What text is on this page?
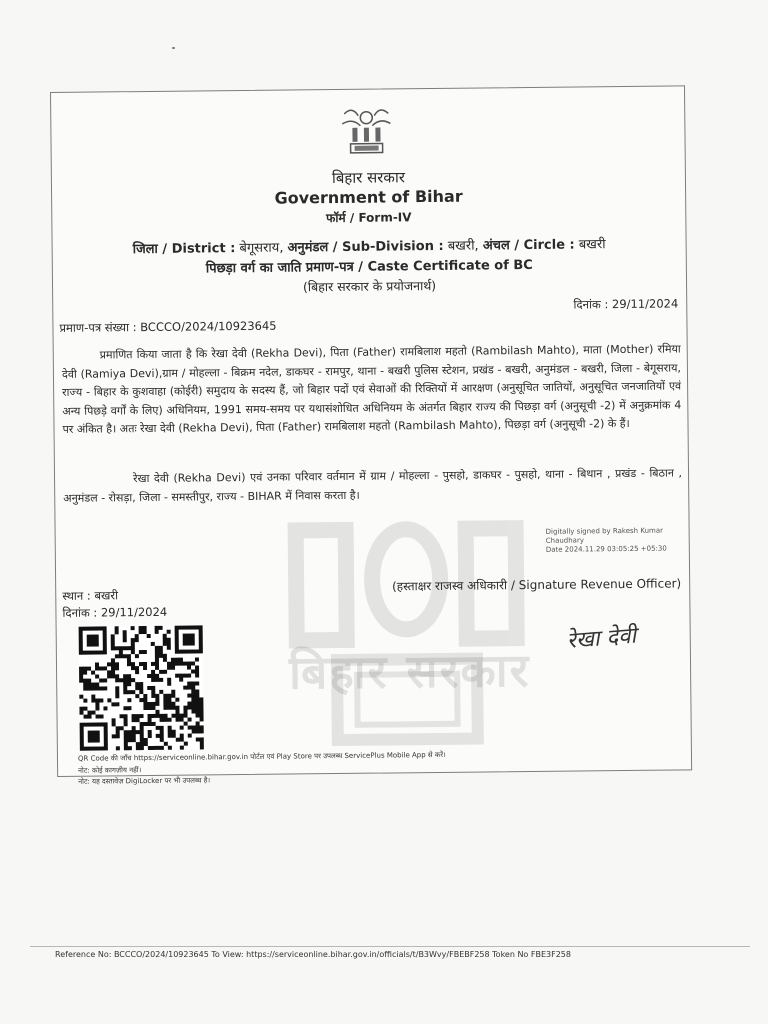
बिहार सरकार
बिहार सरकार
Government of Bihar
फॉर्म / Form-IV
जिला / District : बेगूसराय, अनुमंडल / Sub-Division : बखरी, अंचल / Circle : बखरी
पिछड़ा वर्ग का जाति प्रमाण-पत्र / Caste Certificate of BC
(बिहार सरकार के प्रयोजनार्थ)
दिनांक : 29/11/2024
प्रमाण-पत्र संख्या : BCCCO/2024/10923645

प्रमाणित किया जाता है कि रेखा देवी (Rekha Devi), पिता (Father) रामबिलाश महतो (Rambilash Mahto), माता (Mother) रमिया देवी (Ramiya Devi),ग्राम / मोहल्ला - बिक्रम नदेल, डाकघर - रामपुर, थाना - बखरी पुलिस स्टेशन, प्रखंड - बखरी, अनुमंडल - बखरी, जिला - बेगूसराय, राज्य - बिहार के कुशवाहा (कोईरी) समुदाय के सदस्य हैं, जो बिहार पदों एवं सेवाओं की रिक्तियों में आरक्षण (अनुसूचित जातियों, अनुसूचित जनजातियों एवं अन्य पिछड़े वर्गों के लिए) अधिनियम, 1991 समय-समय पर यथासंशोधित अधिनियम के अंतर्गत बिहार राज्य की पिछड़ा वर्ग (अनुसूची -2) में अनुक्रमांक 4 पर अंकित है। अतः रेखा देवी (Rekha Devi), पिता (Father) रामबिलाश महतो (Rambilash Mahto), पिछड़ा वर्ग (अनुसूची -2) के हैं।

रेखा देवी (Rekha Devi) एवं उनका परिवार वर्तमान में ग्राम / मोहल्ला - पुसहो, डाकघर - पुसहो, थाना - बिथान , प्रखंड - बिठान , अनुमंडल - रोसड़ा, जिला - समस्तीपुर, राज्य - BIHAR में निवास करता है।

Digitally signed by Rakesh Kumar Chaudhary
Date 2024.11.29 03:05:25 +05:30
स्थान : बखरी
दिनांक : 29/11/2024
(हस्ताक्षर राजस्व अधिकारी / Signature Revenue Officer)
रेखा देवी
QR Code की जाँच https://serviceonline.bihar.gov.in पोर्टल एवं Play Store पर उपलब्ध ServicePlus Mobile App से करें।
नोट: कोई कागज़ीय नहीं।
नोट: यह दस्तावेज़ DigiLocker पर भी उपलब्ध है।
Reference No: BCCCO/2024/10923645 To View: https://serviceonline.bihar.gov.in/officials/t/B3Wvy/FBEBF258 Token No FBE3F258
